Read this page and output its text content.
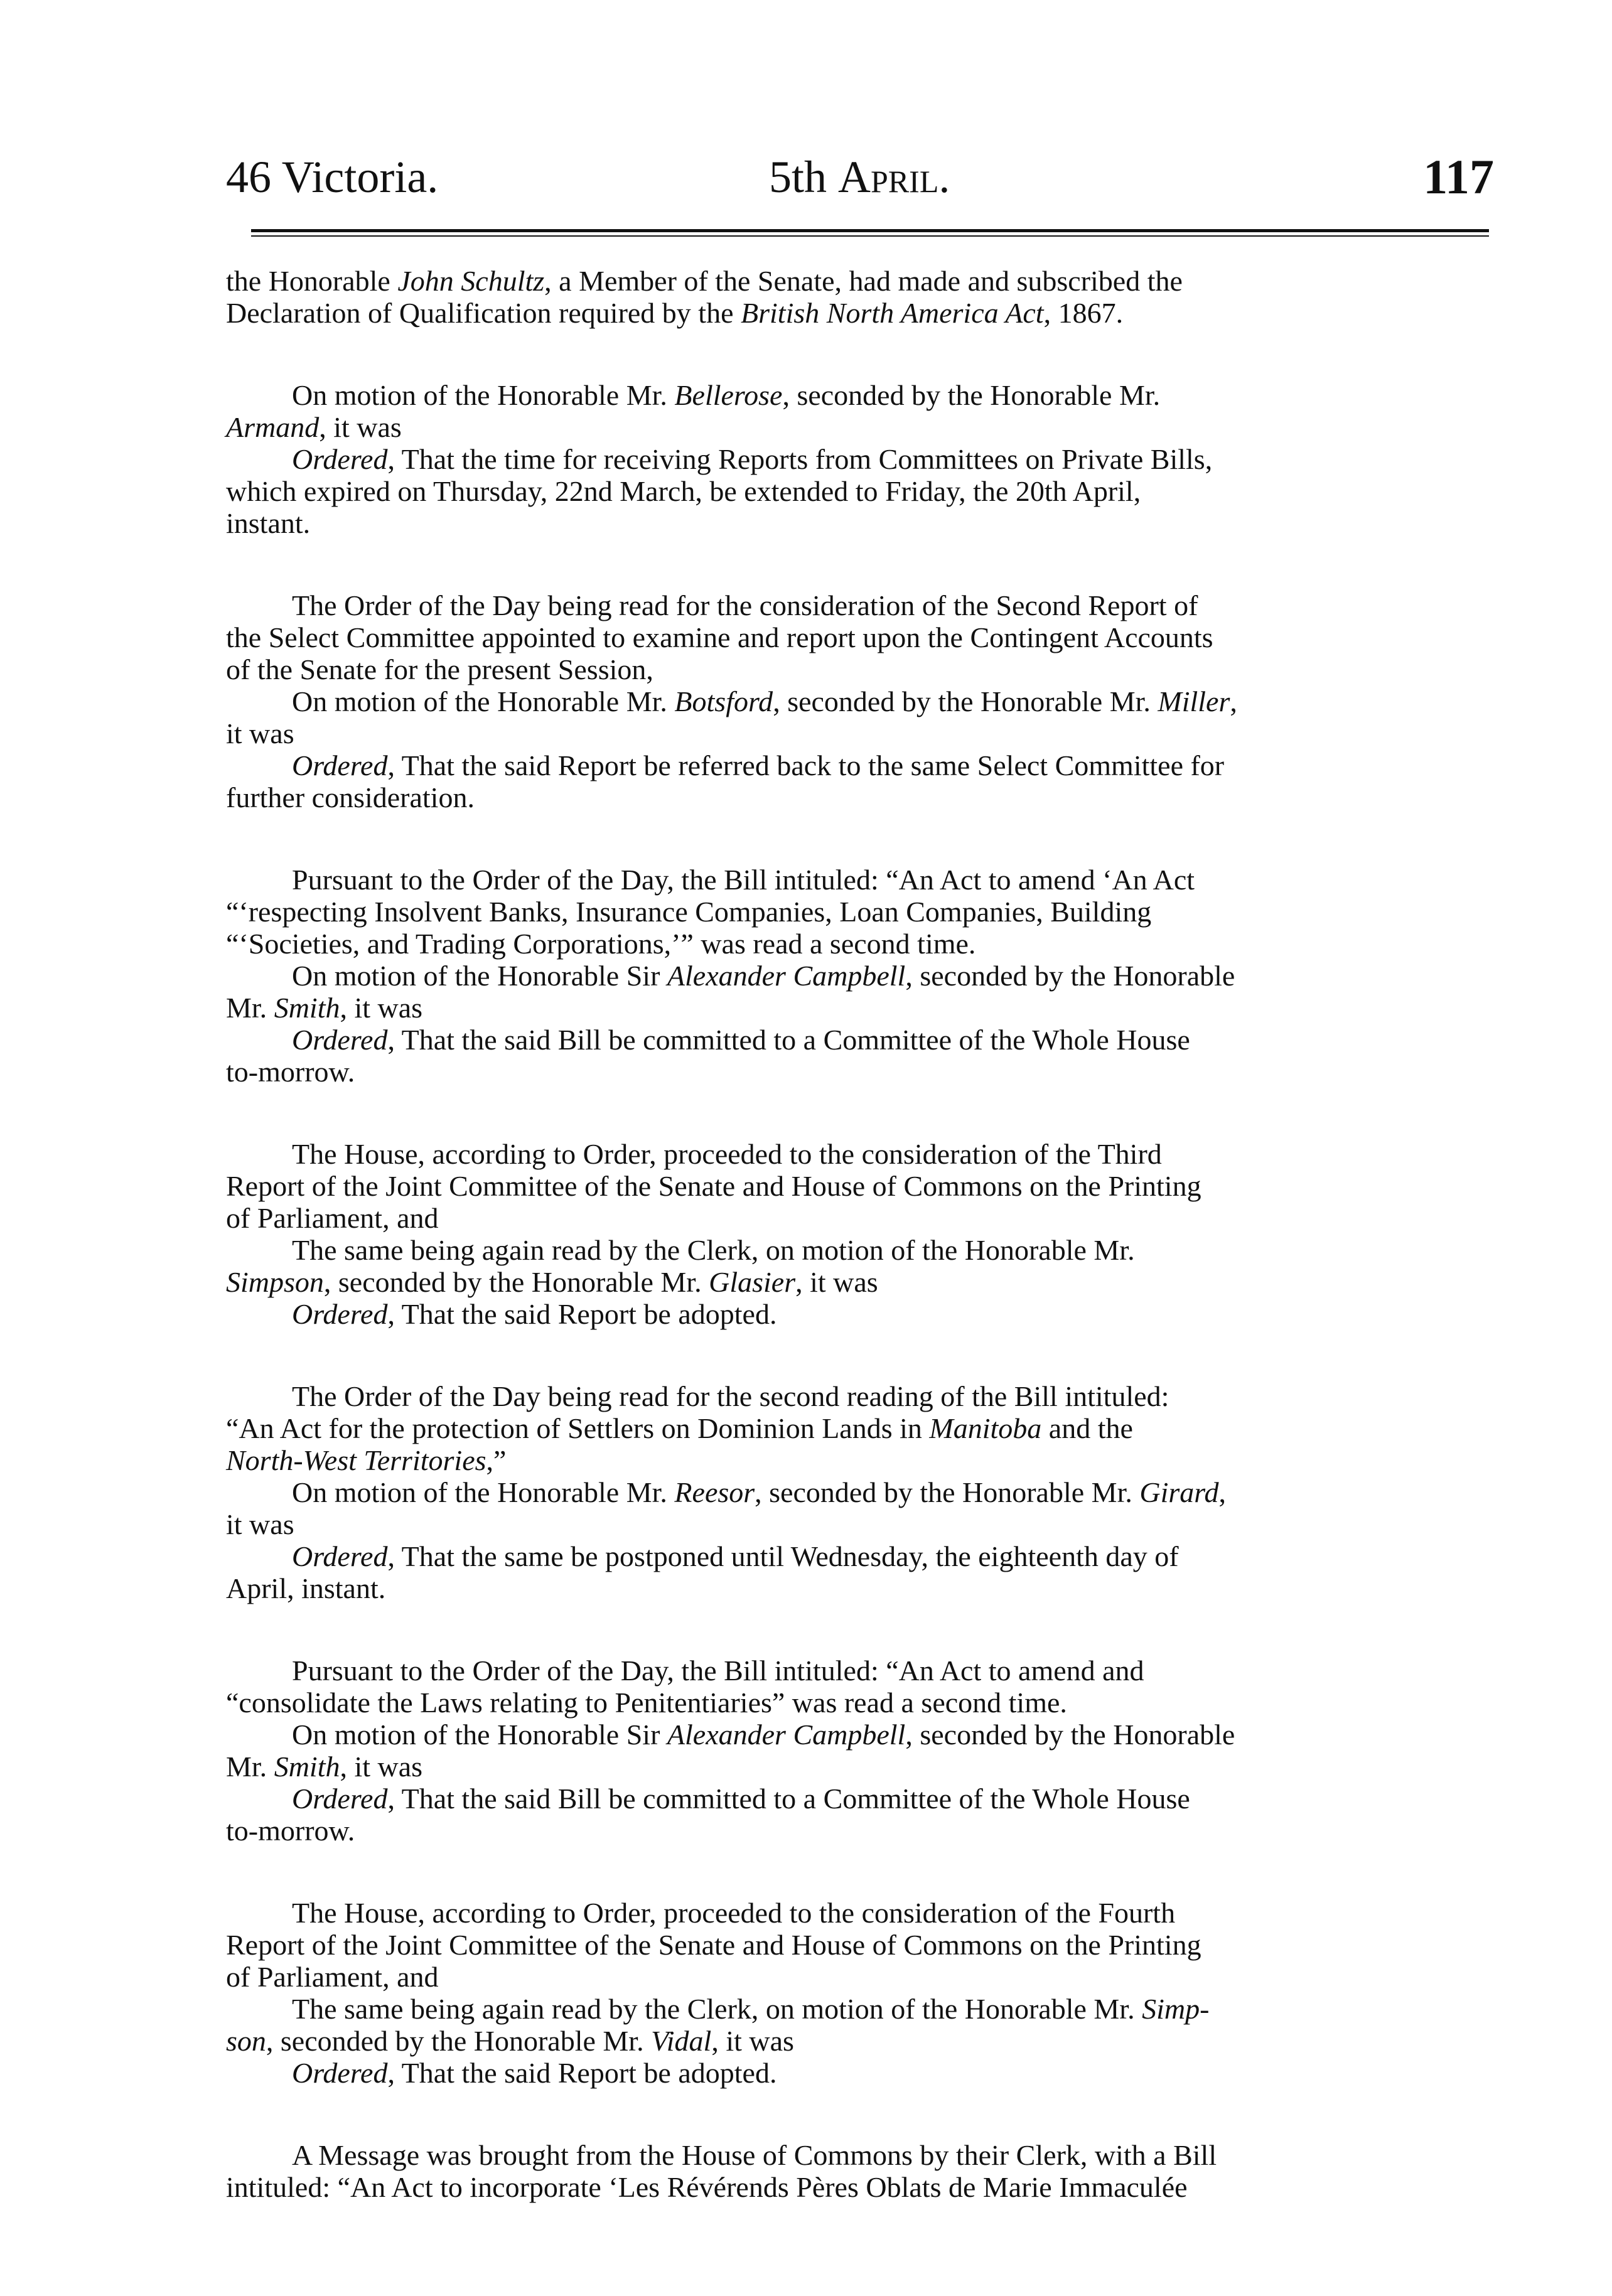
46 Victoria.	5th April.	117
the Honorable John Schultz, a Member of the Senate, had made and subscribed the
Declaration of Qualification required by the British North America Act, 1867.
On motion of the Honorable Mr. Bellerose, seconded by the Honorable Mr.
Armand, it was
Ordered, That the time for receiving Reports from Committees on Private Bills,
which expired on Thursday, 22nd March, be extended to Friday, the 20th April,
instant.
The Order of the Day being read for the consideration of the Second Report of
the Select Committee appointed to examine and report upon the Contingent Accounts
of the Senate for the present Session,
On motion of the Honorable Mr. Botsford, seconded by the Honorable Mr. Miller,
it was
Ordered, That the said Report be referred back to the same Select Committee for
further consideration.
Pursuant to the Order of the Day, the Bill intituled: “An Act to amend ‘An Act
“‘respecting Insolvent Banks, Insurance Companies, Loan Companies, Building
“‘Societies, and Trading Corporations,’” was read a second time.
On motion of the Honorable Sir Alexander Campbell, seconded by the Honorable
Mr. Smith, it was
Ordered, That the said Bill be committed to a Committee of the Whole House
to-morrow.
The House, according to Order, proceeded to the consideration of the Third
Report of the Joint Committee of the Senate and House of Commons on the Printing
of Parliament, and
The same being again read by the Clerk, on motion of the Honorable Mr.
Simpson, seconded by the Honorable Mr. Glasier, it was
Ordered, That the said Report be adopted.
The Order of the Day being read for the second reading of the Bill intituled:
“An Act for the protection of Settlers on Dominion Lands in Manitoba and the
North-West Territories,”
On motion of the Honorable Mr. Reesor, seconded by the Honorable Mr. Girard,
it was
Ordered, That the same be postponed until Wednesday, the eighteenth day of
April, instant.
Pursuant to the Order of the Day, the Bill intituled: “An Act to amend and
“consolidate the Laws relating to Penitentiaries” was read a second time.
On motion of the Honorable Sir Alexander Campbell, seconded by the Honorable
Mr. Smith, it was
Ordered, That the said Bill be committed to a Committee of the Whole House
to-morrow.
The House, according to Order, proceeded to the consideration of the Fourth
Report of the Joint Committee of the Senate and House of Commons on the Printing
of Parliament, and
The same being again read by the Clerk, on motion of the Honorable Mr. Simp-
son, seconded by the Honorable Mr. Vidal, it was
Ordered, That the said Report be adopted.
A Message was brought from the House of Commons by their Clerk, with a Bill
intituled: “An Act to incorporate ‘Les Révérends Pères Oblats de Marie Immaculée
